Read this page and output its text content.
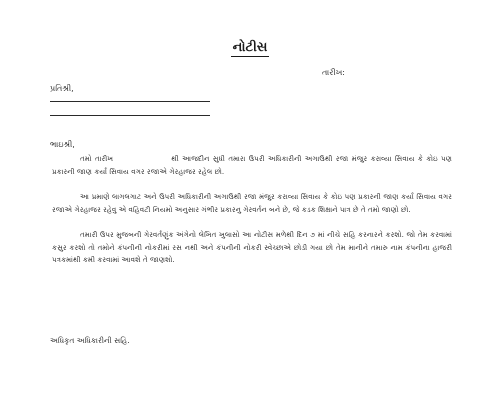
નોટીસ
તારીખ:
પ્રતિશ્રી,
ભાઇશ્રી,

તમો તારીખ	થી આજદીન સુધી તમારા ઉપરી અધિકારીની અગાઉથી રજા મંજુર કરાવ્યા સિવાય કે કોઇ પણ પ્રકારની જાણ કર્યા સિવાય વગર રજાએ ગેરહાજર રહેલ છો.

આ પ્રમાણે લાગલગાટ અને ઉપરી અધિકારીની અગાઉથી રજા મંજુર કરાવ્યા સિવાય કે કોઇ પણ પ્રકારની જાણ કર્યા સિવાય વગર રજાએ ગેરહાજર રહેવુ એ વહિવટી નિયમો અનુસાર ગંભીર પ્રકારનુ ગેરવર્તન બને છે, જે કડક શિક્ષાને પાત્ર છે તે તમો જાણો છો.

તમારી ઉપર મુજબની ગેરવર્તણુંક અંગેનો લેખિત ખુલાસો આ નોટીસ મળેથી દિન ૭ માં નીચે સહિ કરનારને કરશો. જો તેમ કરવામાં કસુર કરશો તો તમોને કંપનીની નોકરીમાં રસ નથી અને કંપનીની નોકરી સ્વેચ્છાએ છોડી ગયા છો તેમ માનીને તમારુ નામ કંપનીના હાજરી પત્રકમાંથી કમી કરવામાં આવશે તે જાણશો.

અધિકૃત અધિકારીની સહિ.
